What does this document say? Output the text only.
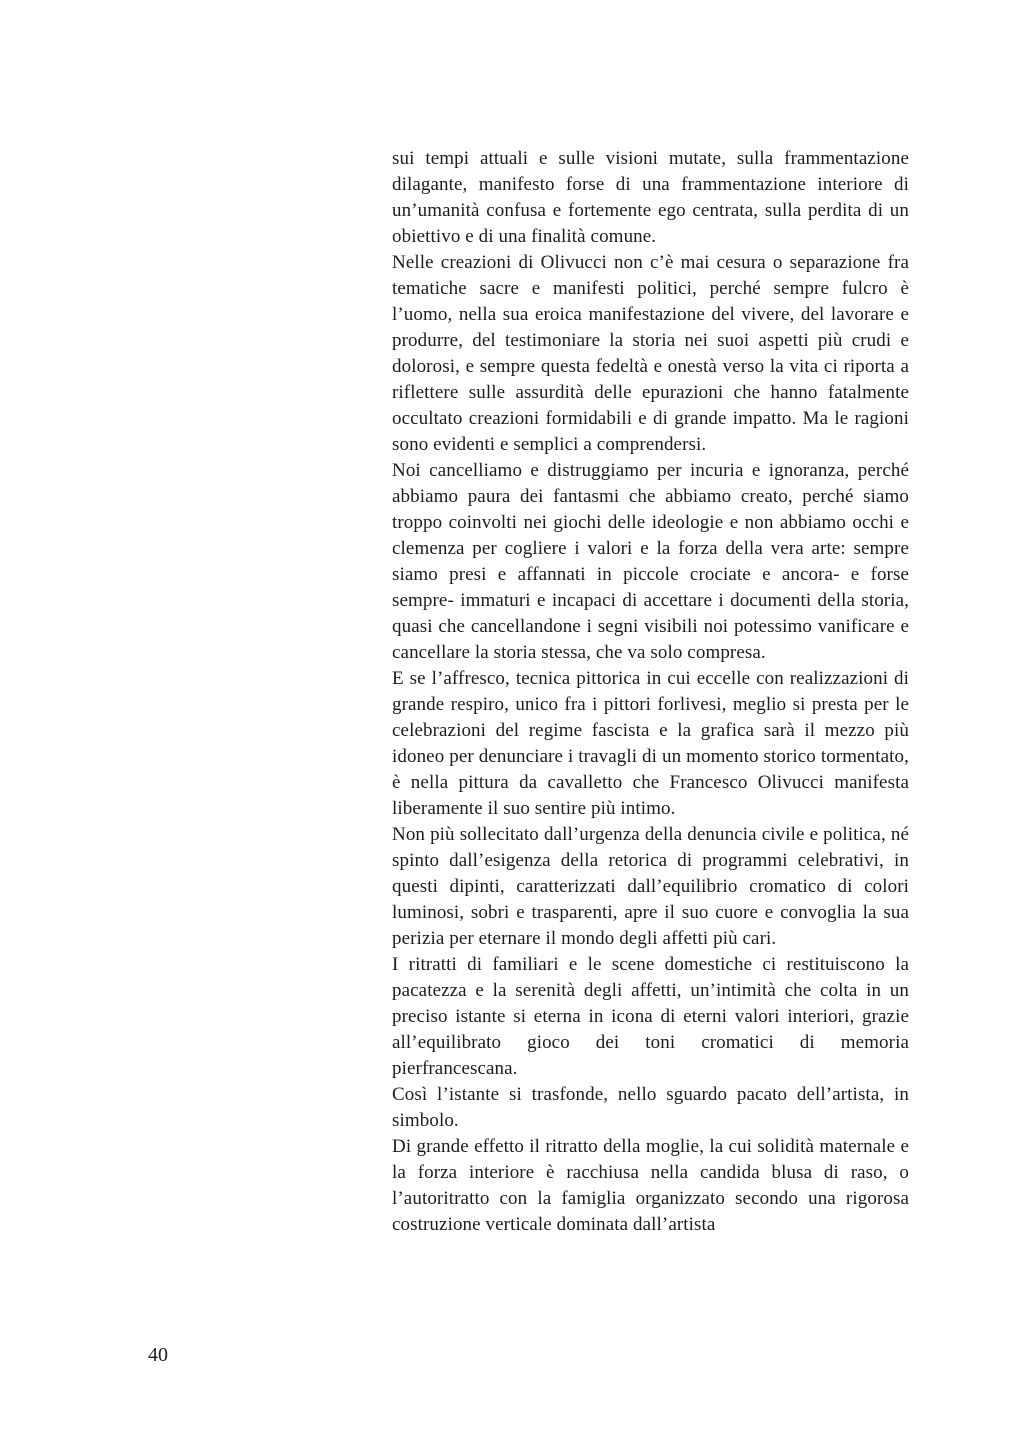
sui tempi attuali e sulle visioni mutate, sulla frammentazione dilagante, manifesto forse di una frammentazione interiore di un’umanità confusa e fortemente ego centrata, sulla perdita di un obiettivo e di una finalità comune.

Nelle creazioni di Olivucci non c’è mai cesura o separazione fra tematiche sacre e manifesti politici, perché sempre fulcro è l’uomo, nella sua eroica manifestazione del vivere, del lavorare e produrre, del testimoniare la storia nei suoi aspetti più crudi e dolorosi, e sempre questa fedeltà e onestà verso la vita ci riporta a riflettere sulle assurdità delle epurazioni che hanno fatalmente occultato creazioni formidabili e di grande impatto. Ma le ragioni sono evidenti e semplici a comprendersi.

Noi cancelliamo e distruggiamo per incuria e ignoranza, perché abbiamo paura dei fantasmi che abbiamo creato, perché siamo troppo coinvolti nei giochi delle ideologie e non abbiamo occhi e clemenza per cogliere i valori e la forza della vera arte: sempre siamo presi e affannati in piccole crociate e ancora- e forse sempre- immaturi e incapaci di accettare i documenti della storia, quasi che cancellandone i segni visibili noi potessimo vanificare e cancellare la storia stessa, che va solo compresa.

E se l’affresco, tecnica pittorica in cui eccelle con realizzazioni di grande respiro, unico fra i pittori forlivesi, meglio si presta per le celebrazioni del regime fascista e la grafica sarà il mezzo più idoneo per denunciare i travagli di un momento storico tormentato, è nella pittura da cavalletto che Francesco Olivucci manifesta liberamente il suo sentire più intimo.

Non più sollecitato dall’urgenza della denuncia civile e politica, né spinto dall’esigenza della retorica di programmi celebrativi, in questi dipinti, caratterizzati dall’equilibrio cromatico di colori luminosi, sobri e trasparenti, apre il suo cuore e convoglia la sua perizia per eternare il mondo degli affetti più cari.

I ritratti di familiari e le scene domestiche ci restituiscono la pacatezza e la serenità degli affetti, un’intimità che colta in un preciso istante si eterna in icona di eterni valori interiori, grazie all’equilibrato gioco dei toni cromatici di memoria pierfrancescana.

Così l’istante si trasfonde, nello sguardo pacato dell’artista, in simbolo.

Di grande effetto il ritratto della moglie, la cui solidità maternale e la forza interiore è racchiusa nella candida blusa di raso, o l’autoritratto con la famiglia organizzato secondo una rigorosa costruzione verticale dominata dall’artista

40
